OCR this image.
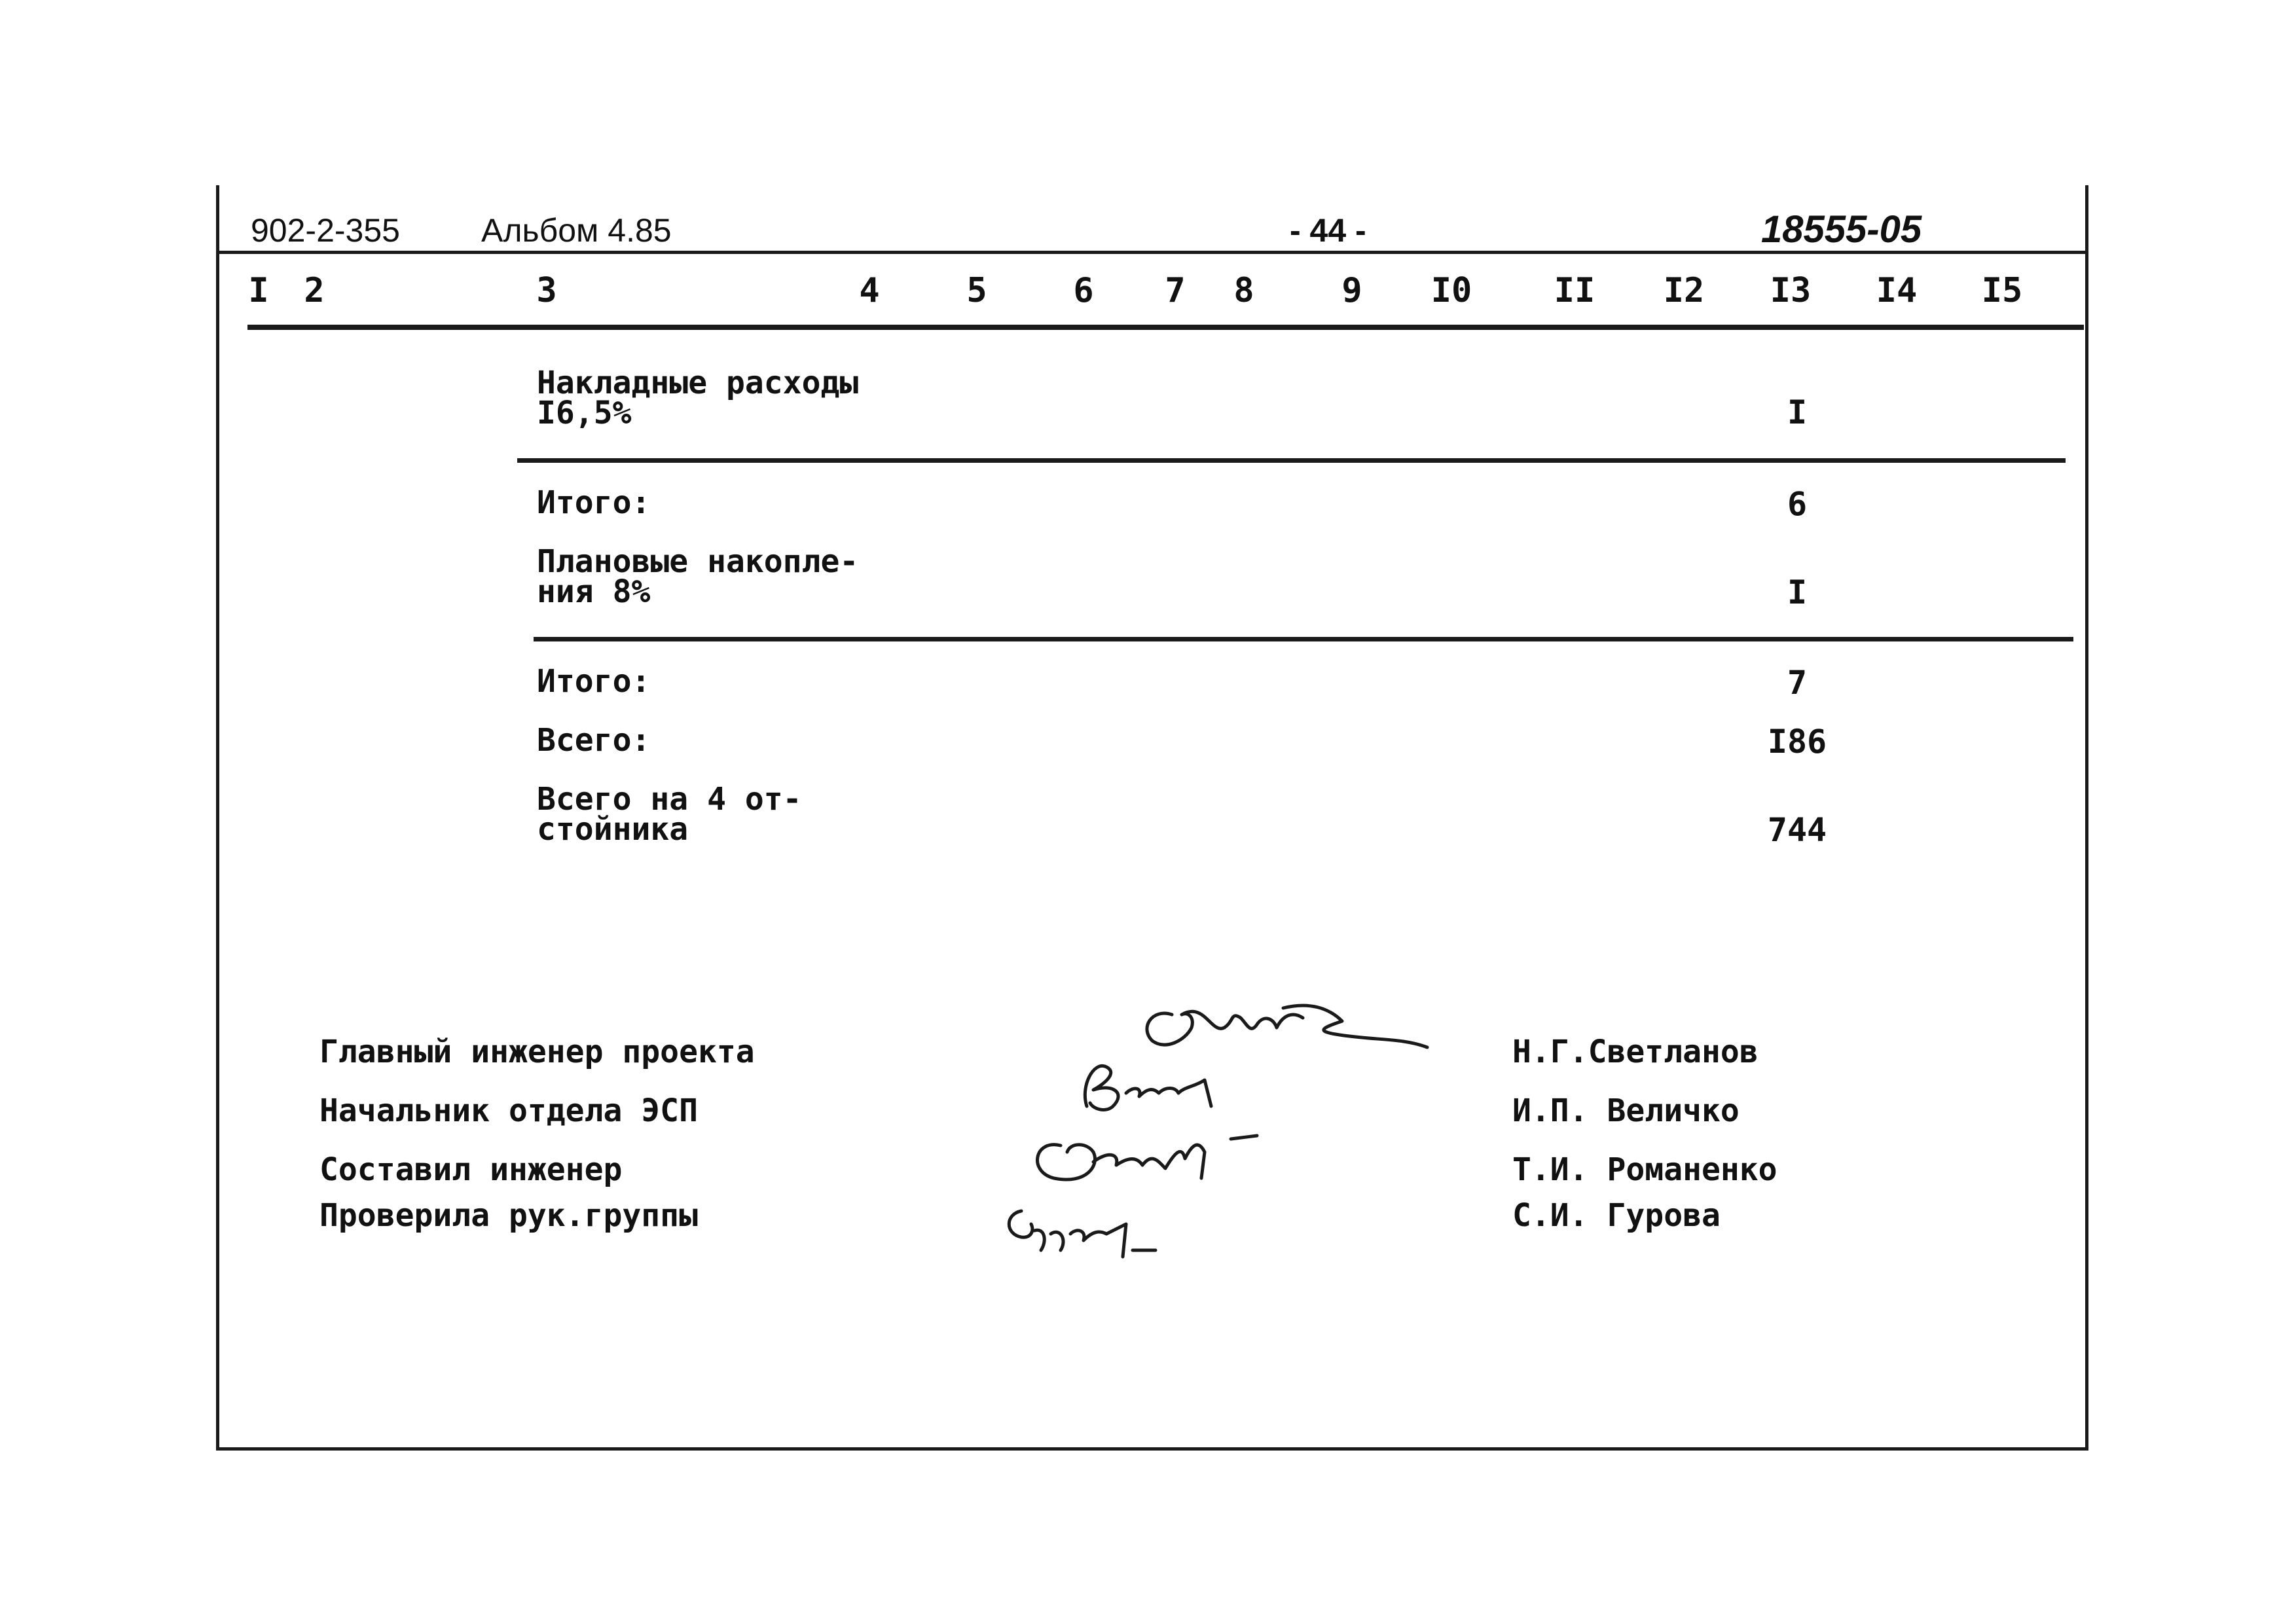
902-2-355 Альбом 4.85	- 44 -	18555-05
I	2	3	4	5	6	7	8	9	I0	II	I2	I3	I4	I5
Накладные расходы
I6,5%	I
Итого:	6
Плановые накопле-
ния 8%	I
Итого:	7
Всего:	I86
Всего на 4 от-
стойника	744
Главный инженер проекта	Н.Г.Светланов
Начальник отдела ЭСП	И.П. Величко
Составил инженер	Т.И. Романенко
Проверила рук.группы	С.И. Гурова
